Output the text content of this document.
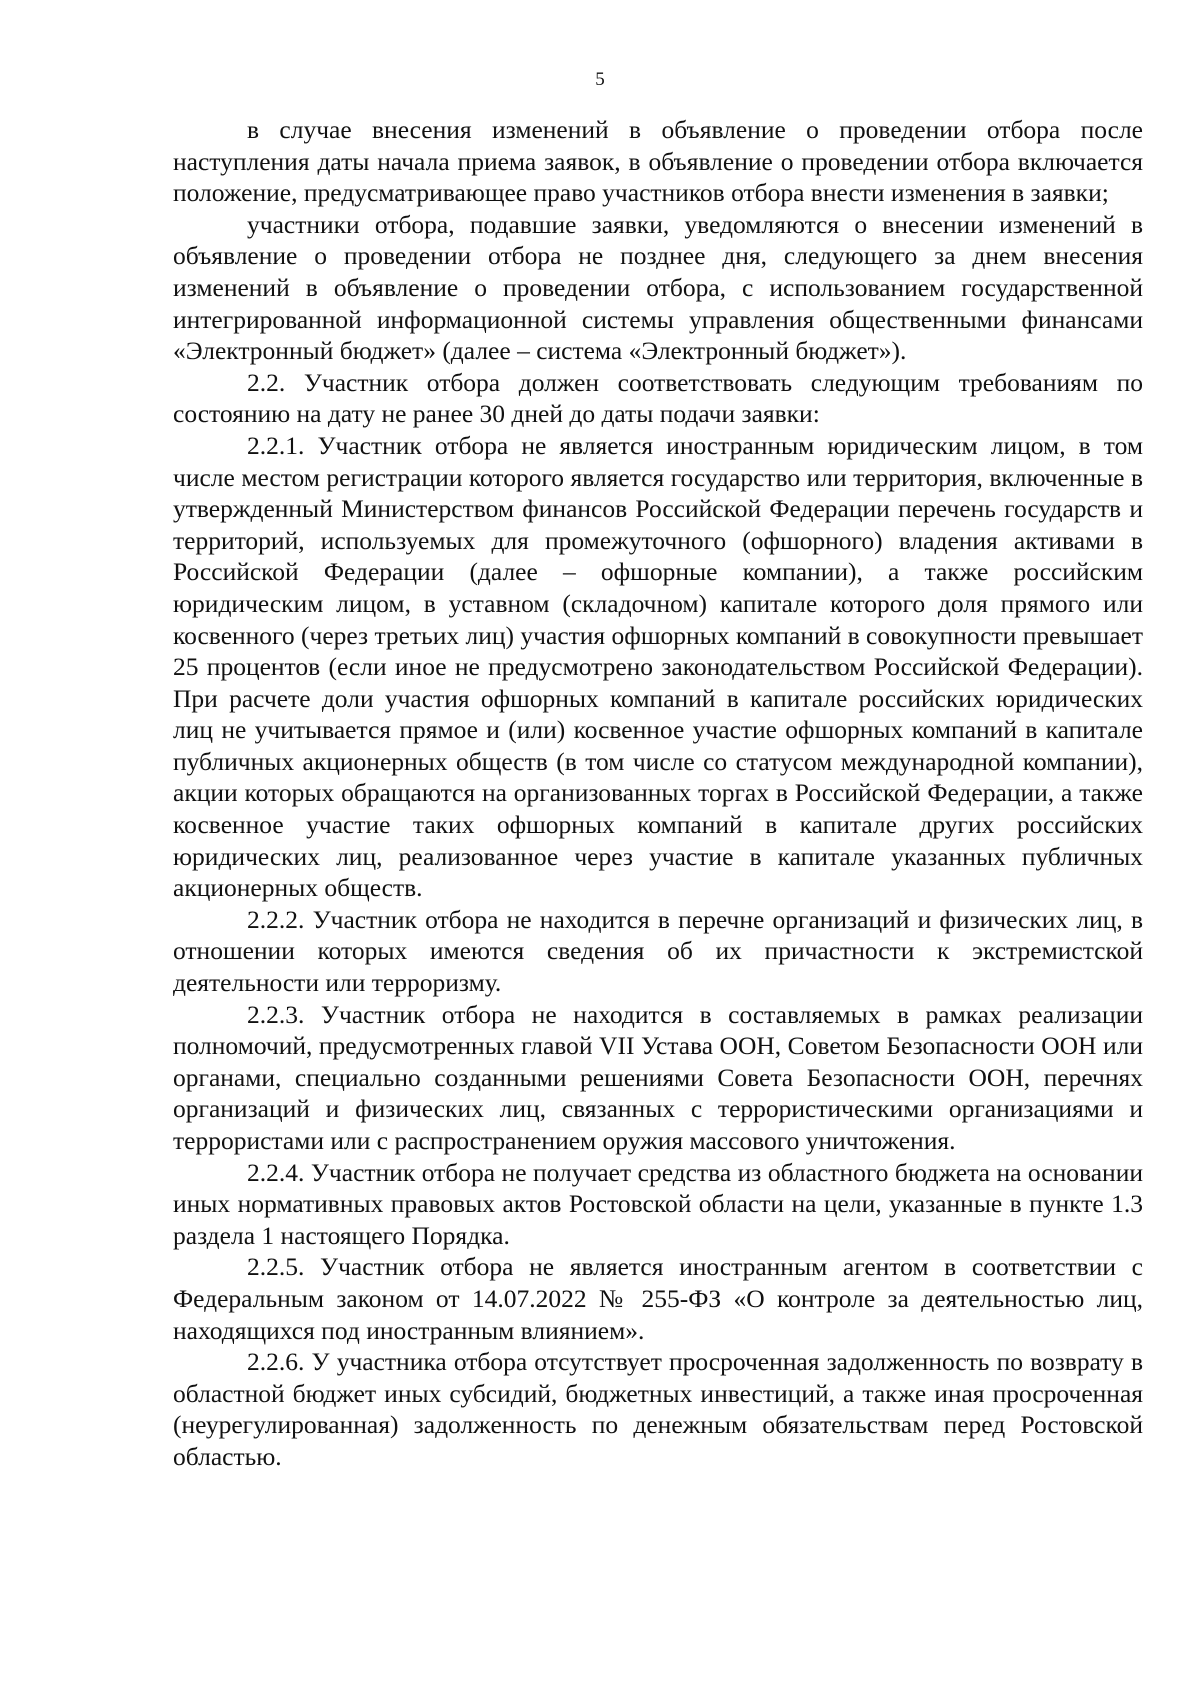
5

в случае внесения изменений в объявление о проведении отбора после наступления даты начала приема заявок, в объявление о проведении отбора включается положение, предусматривающее право участников отбора внести изменения в заявки;

участники отбора, подавшие заявки, уведомляются о внесении изменений в объявление о проведении отбора не позднее дня, следующего за днем внесения изменений в объявление о проведении отбора, с использованием государственной интегрированной информационной системы управления общественными финансами «Электронный бюджет» (далее – система «Электронный бюджет»).

2.2. Участник отбора должен соответствовать следующим требованиям по состоянию на дату не ранее 30 дней до даты подачи заявки:

2.2.1. Участник отбора не является иностранным юридическим лицом, в том числе местом регистрации которого является государство или территория, включенные в утвержденный Министерством финансов Российской Федерации перечень государств и территорий, используемых для промежуточного (офшорного) владения активами в Российской Федерации (далее – офшорные компании), а также российским юридическим лицом, в уставном (складочном) капитале которого доля прямого или косвенного (через третьих лиц) участия офшорных компаний в совокупности превышает 25 процентов (если иное не предусмотрено законодательством Российской Федерации). При расчете доли участия офшорных компаний в капитале российских юридических лиц не учитывается прямое и (или) косвенное участие офшорных компаний в капитале публичных акционерных обществ (в том числе со статусом международной компании), акции которых обращаются на организованных торгах в Российской Федерации, а также косвенное участие таких офшорных компаний в капитале других российских юридических лиц, реализованное через участие в капитале указанных публичных акционерных обществ.

2.2.2. Участник отбора не находится в перечне организаций и физических лиц, в отношении которых имеются сведения об их причастности к экстремистской деятельности или терроризму.

2.2.3. Участник отбора не находится в составляемых в рамках реализации полномочий, предусмотренных главой VII Устава ООН, Советом Безопасности ООН или органами, специально созданными решениями Совета Безопасности ООН, перечнях организаций и физических лиц, связанных с террористическими организациями и террористами или с распространением оружия массового уничтожения.

2.2.4. Участник отбора не получает средства из областного бюджета на основании иных нормативных правовых актов Ростовской области на цели, указанные в пункте 1.3 раздела 1 настоящего Порядка.

2.2.5. Участник отбора не является иностранным агентом в соответствии с Федеральным законом от 14.07.2022 № 255-ФЗ «О контроле за деятельностью лиц, находящихся под иностранным влиянием».

2.2.6. У участника отбора отсутствует просроченная задолженность по возврату в областной бюджет иных субсидий, бюджетных инвестиций, а также иная просроченная (неурегулированная) задолженность по денежным обязательствам перед Ростовской областью.
